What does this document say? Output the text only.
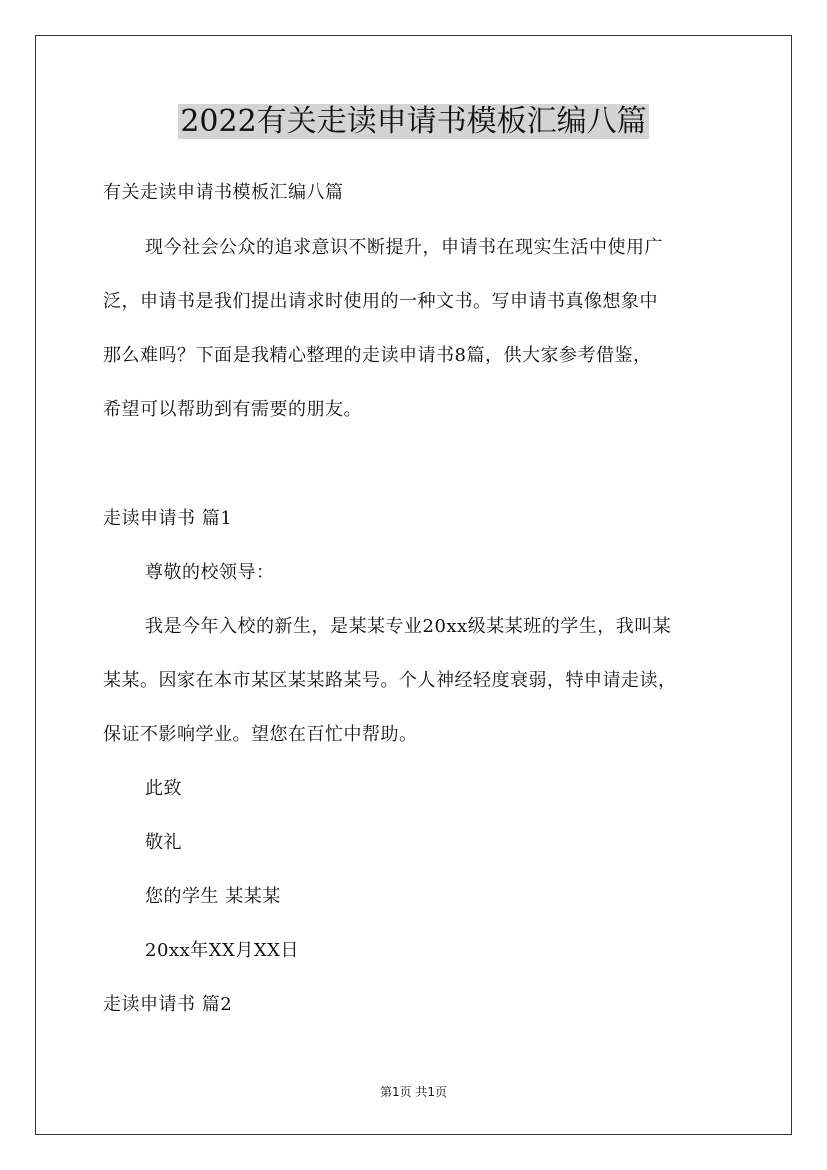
2022有关走读申请书模板汇编八篇
有关走读申请书模板汇编八篇
现今社会公众的追求意识不断提升，申请书在现实生活中使用广
泛，申请书是我们提出请求时使用的一种文书。写申请书真像想象中
那么难吗？下面是我精心整理的走读申请书8篇，供大家参考借鉴，
希望可以帮助到有需要的朋友。
走读申请书 篇1
尊敬的校领导：
我是今年入校的新生，是某某专业20xx级某某班的学生，我叫某
某某。因家在本市某区某某路某号。个人神经轻度衰弱，特申请走读，
保证不影响学业。望您在百忙中帮助。
此致
敬礼
您的学生 某某某
20xx年XX月XX日
走读申请书 篇2
第1页 共1页
